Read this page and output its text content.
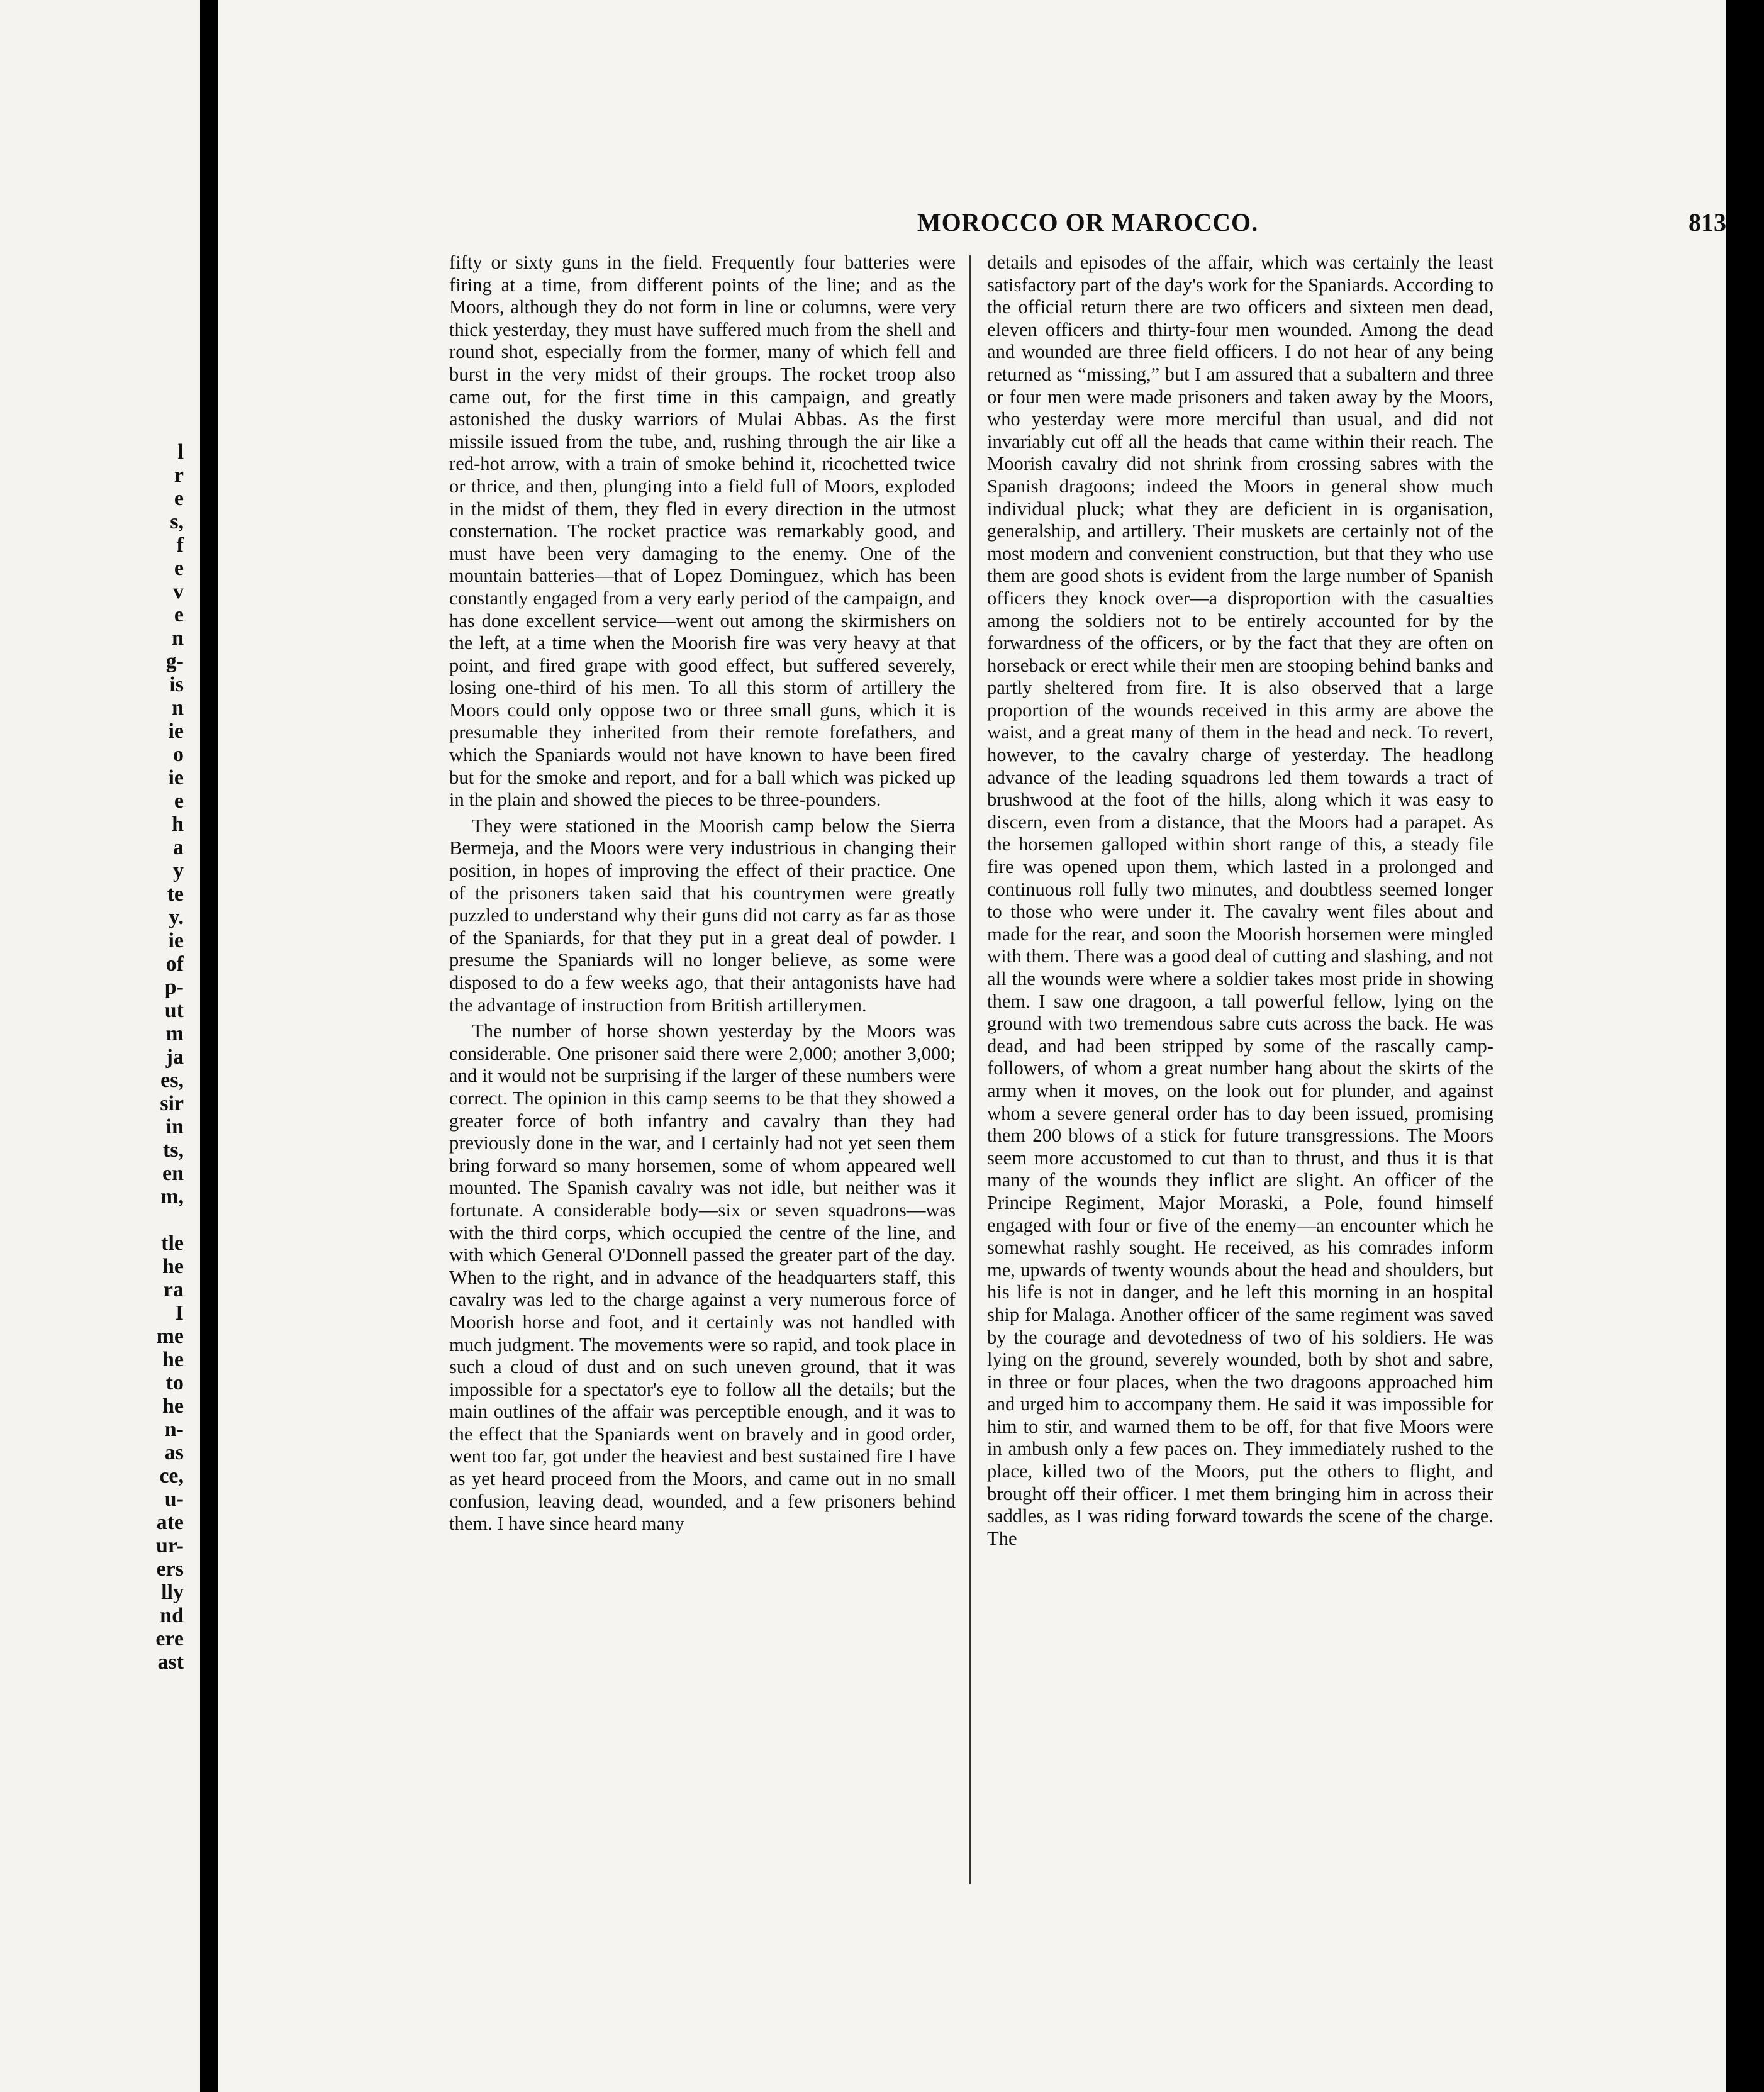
l
r
e
s,
f
e
v
e
n
g-
is
n
ie
o
ie
e
h
a
y
te
y.
ie
of
p-
ut
m
ja
es,
sir
in
ts,
en
m,

tle
he
ra
I
me
he
to
he
n-
as
ce,
u-
ate
ur-
ers
lly
nd
ere
ast
MOROCCO OR MAROCCO.	813

fifty or sixty guns in the field. Frequently four batteries were firing at a time, from different points of the line; and as the Moors, although they do not form in line or columns, were very thick yesterday, they must have suffered much from the shell and round shot, especially from the former, many of which fell and burst in the very midst of their groups. The rocket troop also came out, for the first time in this campaign, and greatly astonished the dusky warriors of Mulai Abbas. As the first missile issued from the tube, and, rushing through the air like a red-hot arrow, with a train of smoke behind it, ricochetted twice or thrice, and then, plunging into a field full of Moors, exploded in the midst of them, they fled in every direction in the utmost consternation. The rocket practice was remarkably good, and must have been very damaging to the enemy. One of the mountain batteries—that of Lopez Dominguez, which has been constantly engaged from a very early period of the campaign, and has done excellent service—went out among the skirmishers on the left, at a time when the Moorish fire was very heavy at that point, and fired grape with good effect, but suffered severely, losing one-third of his men. To all this storm of artillery the Moors could only oppose two or three small guns, which it is presumable they inherited from their remote forefathers, and which the Spaniards would not have known to have been fired but for the smoke and report, and for a ball which was picked up in the plain and showed the pieces to be three-pounders.

They were stationed in the Moorish camp below the Sierra Bermeja, and the Moors were very industrious in changing their position, in hopes of improving the effect of their practice. One of the prisoners taken said that his countrymen were greatly puzzled to understand why their guns did not carry as far as those of the Spaniards, for that they put in a great deal of powder. I presume the Spaniards will no longer believe, as some were disposed to do a few weeks ago, that their antagonists have had the advantage of instruction from British artillerymen.

The number of horse shown yesterday by the Moors was considerable. One prisoner said there were 2,000; another 3,000; and it would not be surprising if the larger of these numbers were correct. The opinion in this camp seems to be that they showed a greater force of both infantry and cavalry than they had previously done in the war, and I certainly had not yet seen them bring forward so many horsemen, some of whom appeared well mounted. The Spanish cavalry was not idle, but neither was it fortunate. A considerable body—six or seven squadrons—was with the third corps, which occupied the centre of the line, and with which General O'Donnell passed the greater part of the day. When to the right, and in advance of the headquarters staff, this cavalry was led to the charge against a very numerous force of Moorish horse and foot, and it certainly was not handled with much judgment. The movements were so rapid, and took place in such a cloud of dust and on such uneven ground, that it was impossible for a spectator's eye to follow all the details; but the main outlines of the affair was perceptible enough, and it was to the effect that the Spaniards went on bravely and in good order, went too far, got under the heaviest and best sustained fire I have as yet heard proceed from the Moors, and came out in no small confusion, leaving dead, wounded, and a few prisoners behind them. I have since heard many

details and episodes of the affair, which was certainly the least satisfactory part of the day's work for the Spaniards. According to the official return there are two officers and sixteen men dead, eleven officers and thirty-four men wounded. Among the dead and wounded are three field officers. I do not hear of any being returned as “missing,” but I am assured that a subaltern and three or four men were made prisoners and taken away by the Moors, who yesterday were more merciful than usual, and did not invariably cut off all the heads that came within their reach. The Moorish cavalry did not shrink from crossing sabres with the Spanish dragoons; indeed the Moors in general show much individual pluck; what they are deficient in is organisation, generalship, and artillery. Their muskets are certainly not of the most modern and convenient construction, but that they who use them are good shots is evident from the large number of Spanish officers they knock over—a disproportion with the casualties among the soldiers not to be entirely accounted for by the forwardness of the officers, or by the fact that they are often on horseback or erect while their men are stooping behind banks and partly sheltered from fire. It is also observed that a large proportion of the wounds received in this army are above the waist, and a great many of them in the head and neck. To revert, however, to the cavalry charge of yesterday. The headlong advance of the leading squadrons led them towards a tract of brushwood at the foot of the hills, along which it was easy to discern, even from a distance, that the Moors had a parapet. As the horsemen galloped within short range of this, a steady file fire was opened upon them, which lasted in a prolonged and continuous roll fully two minutes, and doubtless seemed longer to those who were under it. The cavalry went files about and made for the rear, and soon the Moorish horsemen were mingled with them. There was a good deal of cutting and slashing, and not all the wounds were where a soldier takes most pride in showing them. I saw one dragoon, a tall powerful fellow, lying on the ground with two tremendous sabre cuts across the back. He was dead, and had been stripped by some of the rascally camp-followers, of whom a great number hang about the skirts of the army when it moves, on the look out for plunder, and against whom a severe general order has to day been issued, promising them 200 blows of a stick for future transgressions. The Moors seem more accustomed to cut than to thrust, and thus it is that many of the wounds they inflict are slight. An officer of the Principe Regiment, Major Moraski, a Pole, found himself engaged with four or five of the enemy—an encounter which he somewhat rashly sought. He received, as his comrades inform me, upwards of twenty wounds about the head and shoulders, but his life is not in danger, and he left this morning in an hospital ship for Malaga. Another officer of the same regiment was saved by the courage and devotedness of two of his soldiers. He was lying on the ground, severely wounded, both by shot and sabre, in three or four places, when the two dragoons approached him and urged him to accompany them. He said it was impossible for him to stir, and warned them to be off, for that five Moors were in ambush only a few paces on. They immediately rushed to the place, killed two of the Moors, put the others to flight, and brought off their officer. I met them bringing him in across their saddles, as I was riding forward towards the scene of the charge. The
